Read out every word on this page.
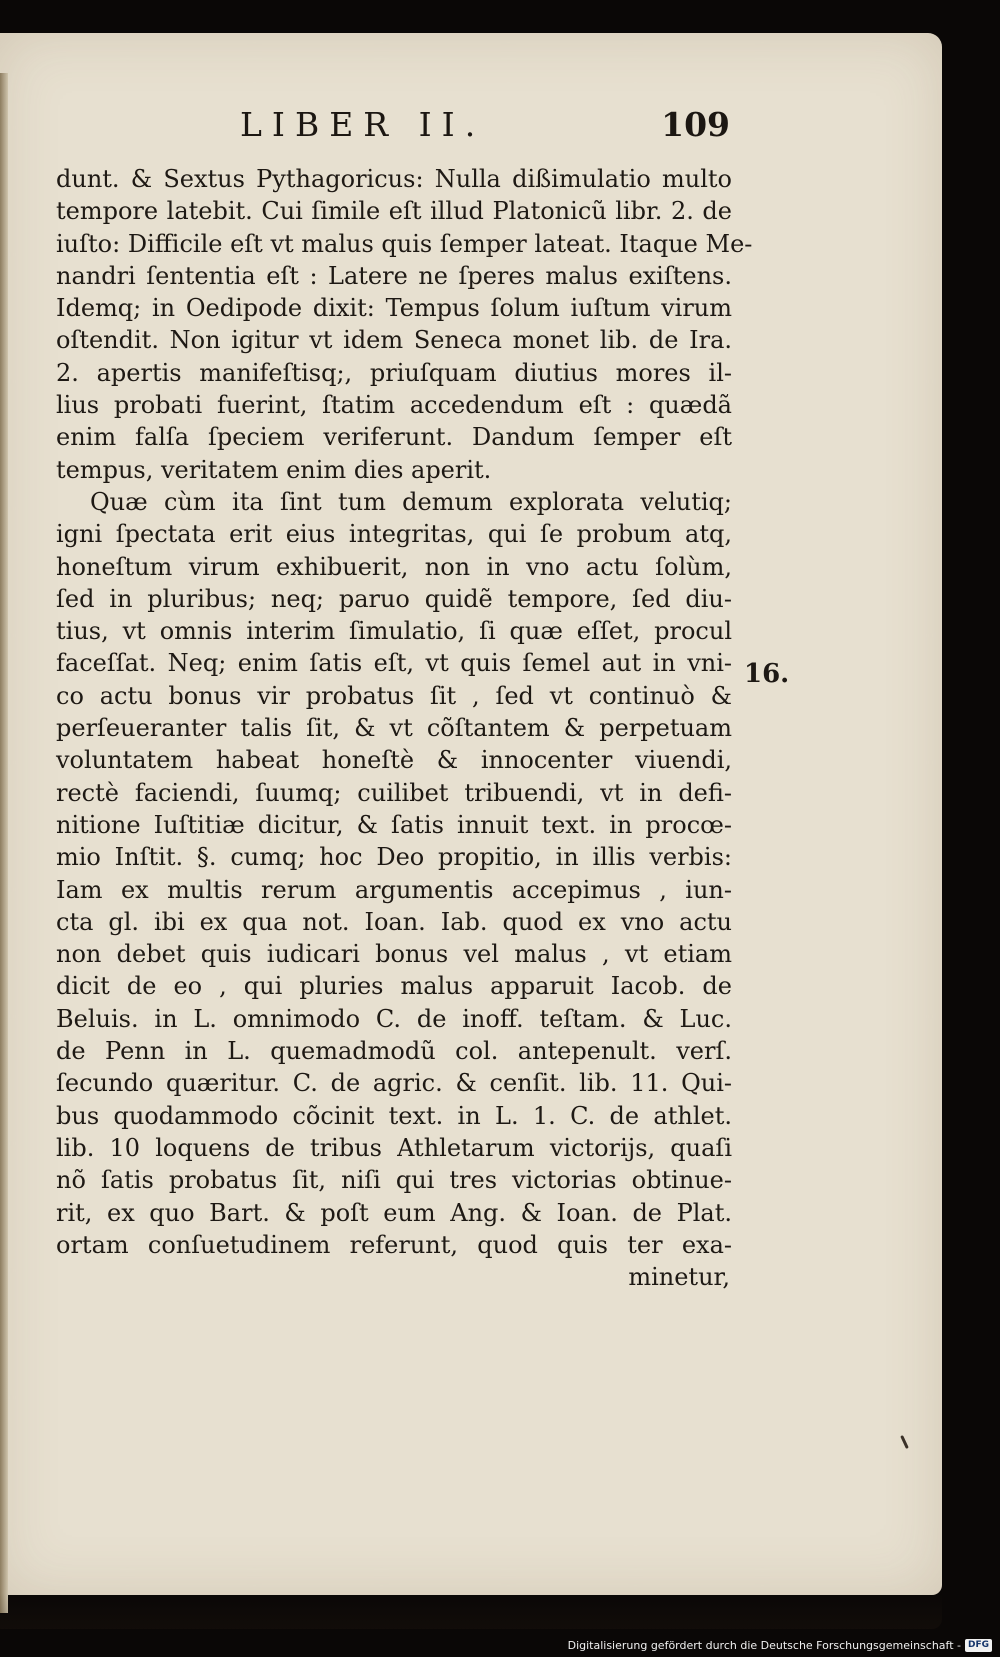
LIBER II.	109
dunt. & Sextus Pythagoricus: Nulla dißimulatio multo
tempore latebit. Cui ſimile eſt illud Platonicũ libr. 2. de
iuſto: Difficile eſt vt malus quis ſemper lateat. Itaque Me-
nandri ſententia eſt : Latere ne ſperes malus exiſtens.
Idemq; in Oedipode dixit: Tempus ſolum iuſtum virum
oſtendit. Non igitur vt idem Seneca monet lib. de Ira.
2. apertis manifeſtisq;, priuſquam diutius mores il-
lius probati fuerint, ſtatim accedendum eſt : quædã
enim falſa ſpeciem veriferunt. Dandum ſemper eſt
tempus, veritatem enim dies aperit.
Quæ cùm ita ſint tum demum explorata velutiq;
igni ſpectata erit eius integritas, qui ſe probum atq,
honeſtum virum exhibuerit, non in vno actu ſolùm,
ſed in pluribus; neq; paruo quidẽ tempore, ſed diu-
tius, vt omnis interim ſimulatio, ſi quæ eſſet, procul
faceſſat. Neq; enim ſatis eſt, vt quis ſemel aut in vni-
co actu bonus vir probatus ſit , ſed vt continuò &
perſeueranter talis ſit, & vt cõſtantem & perpetuam
voluntatem habeat honeſtè & innocenter viuendi,
rectè faciendi, ſuumq; cuilibet tribuendi, vt in defi-
nitione Iuſtitiæ dicitur, & ſatis innuit text. in procœ-
mio Inſtit. §. cumq; hoc Deo propitio, in illis verbis:
Iam ex multis rerum argumentis accepimus , iun-
cta gl. ibi ex qua not. Ioan. Iab. quod ex vno actu
non debet quis iudicari bonus vel malus , vt etiam
dicit de eo , qui pluries malus apparuit Iacob. de
Beluis. in L. omnimodo C. de inoff. teſtam. & Luc.
de Penn in L. quemadmodũ col. antepenult. verſ.
ſecundo quæritur. C. de agric. & cenſit. lib. 11. Qui-
bus quodammodo cõcinit text. in L. 1. C. de athlet.
lib. 10 loquens de tribus Athletarum victorijs, quaſi
nõ ſatis probatus ſit, niſi qui tres victorias obtinue-
rit, ex quo Bart. & poſt eum Ang. & Ioan. de Plat.
ortam conſuetudinem referunt, quod quis ter exa-
minetur,
16.
Digitalisierung gefördert durch die Deutsche Forschungsgemeinschaft - DFG
